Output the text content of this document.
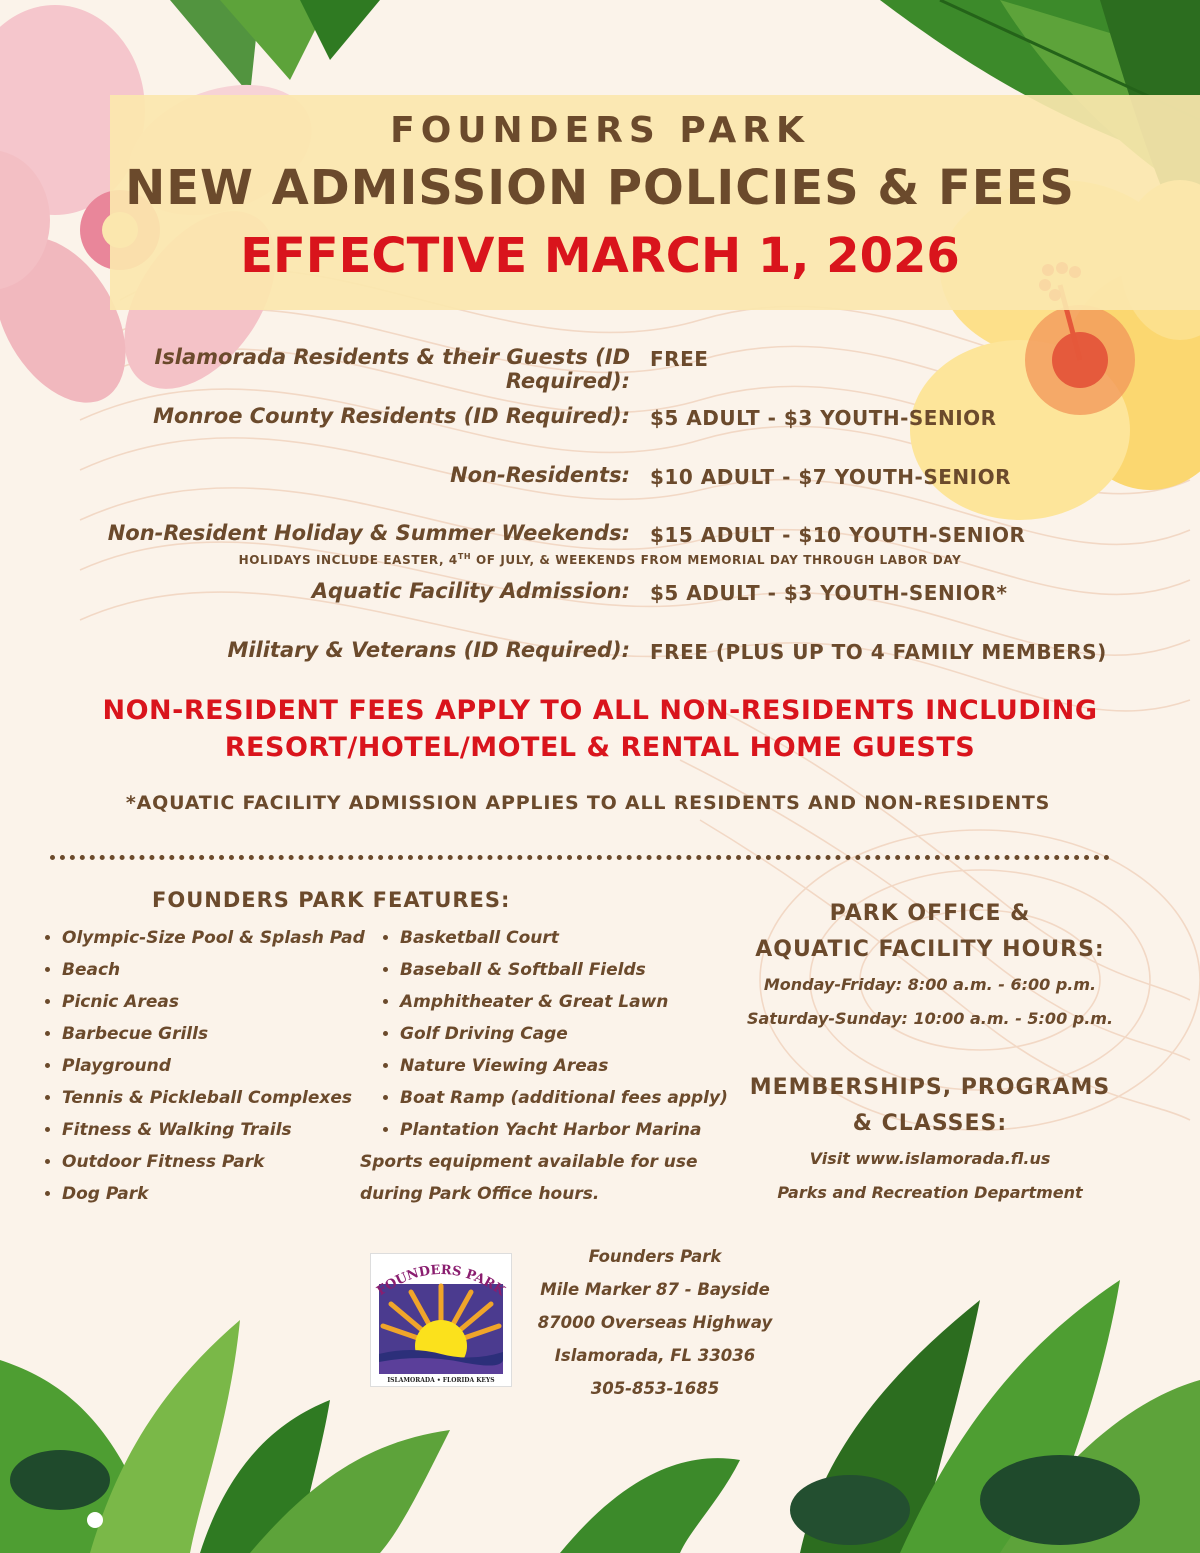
FOUNDERS PARK
NEW ADMISSION POLICIES & FEES
EFFECTIVE MARCH 1, 2026
Islamorada Residents & their Guests (ID Required):
FREE
Monroe County Residents (ID Required): $5 ADULT - $3 YOUTH-SENIOR
Non-Residents: $10 ADULT - $7 YOUTH-SENIOR
Non-Resident Holiday & Summer Weekends: $15 ADULT - $10 YOUTH-SENIOR
HOLIDAYS INCLUDE EASTER, 4TH OF JULY, & WEEKENDS FROM MEMORIAL DAY THROUGH LABOR DAY
Aquatic Facility Admission: $5 ADULT - $3 YOUTH-SENIOR*
Military & Veterans (ID Required): FREE (PLUS UP TO 4 FAMILY MEMBERS)
NON-RESIDENT FEES APPLY TO ALL NON-RESIDENTS INCLUDING
RESORT/HOTEL/MOTEL & RENTAL HOME GUESTS
*AQUATIC FACILITY ADMISSION APPLIES TO ALL RESIDENTS AND NON-RESIDENTS
FOUNDERS PARK FEATURES:
• Olympic-Size Pool & Splash Pad
• Beach
• Picnic Areas
• Barbecue Grills
• Playground
• Tennis & Pickleball Complexes
• Fitness & Walking Trails
• Outdoor Fitness Park
• Dog Park
• Basketball Court
• Baseball & Softball Fields
• Amphitheater & Great Lawn
• Golf Driving Cage
• Nature Viewing Areas
• Boat Ramp (additional fees apply)
• Plantation Yacht Harbor Marina
Sports equipment available for use
during Park Office hours.
PARK OFFICE &
AQUATIC FACILITY HOURS:
Monday-Friday: 8:00 a.m. - 6:00 p.m.
Saturday-Sunday: 10:00 a.m. - 5:00 p.m.
MEMBERSHIPS, PROGRAMS
& CLASSES:
Visit www.islamorada.fl.us
Parks and Recreation Department
FOUNDERS PARK
ISLAMORADA • FLORIDA KEYS
Founders Park
Mile Marker 87 - Bayside
87000 Overseas Highway
Islamorada, FL 33036
305-853-1685
